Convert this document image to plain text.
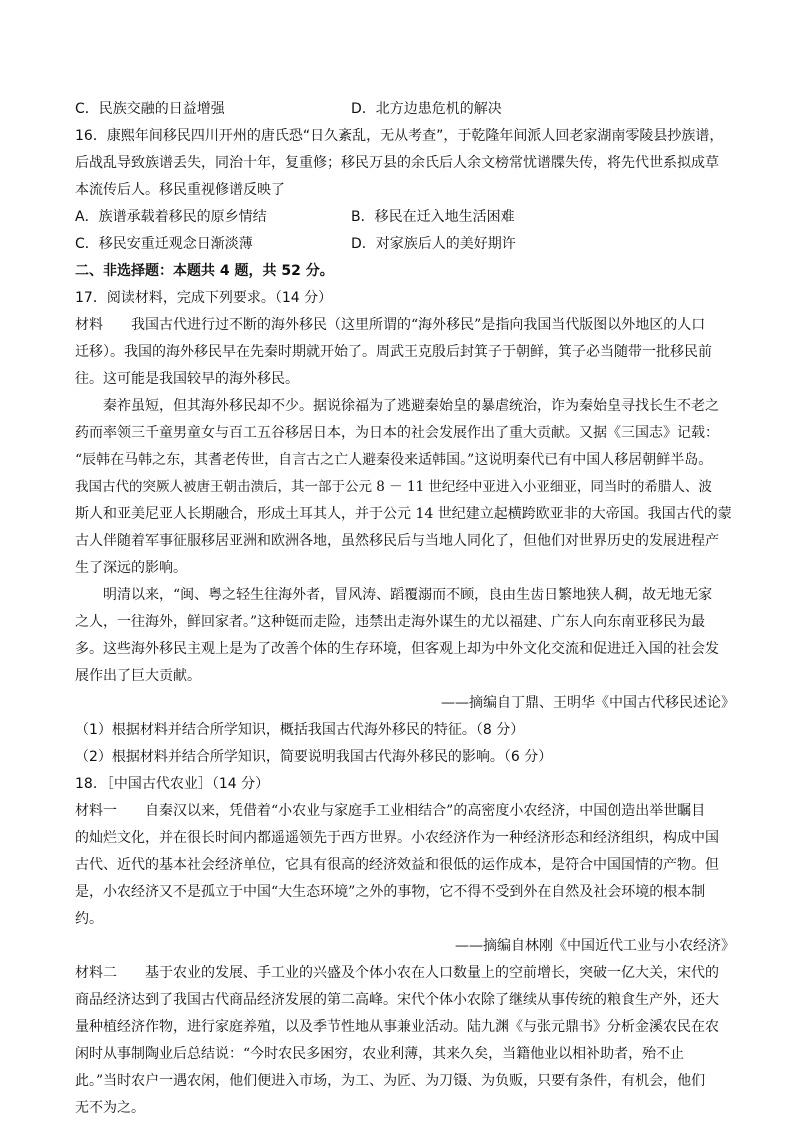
C．民族交融的日益增强	D．北方边患危机的解决
16．康熙年间移民四川开州的唐氏恐“日久紊乱，无从考查”，于乾隆年间派人回老家湖南零陵县抄族谱，
后战乱导致族谱丢失，同治十年，复重修；移民万县的余氏后人余文榜常忧谱牒失传，将先代世系拟成草
本流传后人。移民重视修谱反映了
A．族谱承载着移民的原乡情结	B．移民在迁入地生活困难
C．移民安重迁观念日渐淡薄	D．对家族后人的美好期许
二、非选择题：本题共 4 题，共 52 分。
17．阅读材料，完成下列要求。（14 分）
材料　　我国古代进行过不断的海外移民（这里所谓的“海外移民”是指向我国当代版图以外地区的人口
迁移）。我国的海外移民早在先秦时期就开始了。周武王克殷后封箕子于朝鲜，箕子必当随带一批移民前
往。这可能是我国较早的海外移民。
秦祚虽短，但其海外移民却不少。据说徐福为了逃避秦始皇的暴虐统治，诈为秦始皇寻找长生不老之
药而率领三千童男童女与百工五谷移居日本，为日本的社会发展作出了重大贡献。又据《三国志》记载：
“辰韩在马韩之东，其耆老传世，自言古之亡人避秦役来适韩国。”这说明秦代已有中国人移居朝鲜半岛。
我国古代的突厥人被唐王朝击溃后，其一部于公元 8 － 11 世纪经中亚进入小亚细亚，同当时的希腊人、波
斯人和亚美尼亚人长期融合，形成土耳其人，并于公元 14 世纪建立起横跨欧亚非的大帝国。我国古代的蒙
古人伴随着军事征服移居亚洲和欧洲各地，虽然移民后与当地人同化了，但他们对世界历史的发展进程产
生了深远的影响。
明清以来，“闽、粤之轻生往海外者，冒风涛、蹈覆溺而不顾，良由生齿日繁地狭人稠，故无地无家
之人，一往海外，鲜回家者。”这种铤而走险，违禁出走海外谋生的尤以福建、广东人向东南亚移民为最
多。这些海外移民主观上是为了改善个体的生存环境，但客观上却为中外文化交流和促进迁入国的社会发
展作出了巨大贡献。
——摘编自丁鼎、王明华《中国古代移民述论》
（1）根据材料并结合所学知识，概括我国古代海外移民的特征。（8 分）
（2）根据材料并结合所学知识，简要说明我国古代海外移民的影响。（6 分）
18．［中国古代农业］（14 分）
材料一　　自秦汉以来，凭借着“小农业与家庭手工业相结合”的高密度小农经济，中国创造出举世瞩目
的灿烂文化，并在很长时间内都遥遥领先于西方世界。小农经济作为一种经济形态和经济组织，构成中国
古代、近代的基本社会经济单位，它具有很高的经济效益和很低的运作成本，是符合中国国情的产物。但
是，小农经济又不是孤立于中国“大生态环境”之外的事物，它不得不受到外在自然及社会环境的根本制
约。
——摘编自林刚《中国近代工业与小农经济》
材料二　　基于农业的发展、手工业的兴盛及个体小农在人口数量上的空前增长，突破一亿大关，宋代的
商品经济达到了我国古代商品经济发展的第二高峰。宋代个体小农除了继续从事传统的粮食生产外，还大
量种植经济作物，进行家庭养殖，以及季节性地从事兼业活动。陆九渊《与张元鼎书》分析金溪农民在农
闲时从事制陶业后总结说：“今时农民多困穷，农业利薄，其来久矣，当籍他业以相补助者，殆不止
此。”当时农户一遇农闲，他们便进入市场，为工、为匠、为刀镊、为负贩，只要有条件，有机会，他们
无不为之。
